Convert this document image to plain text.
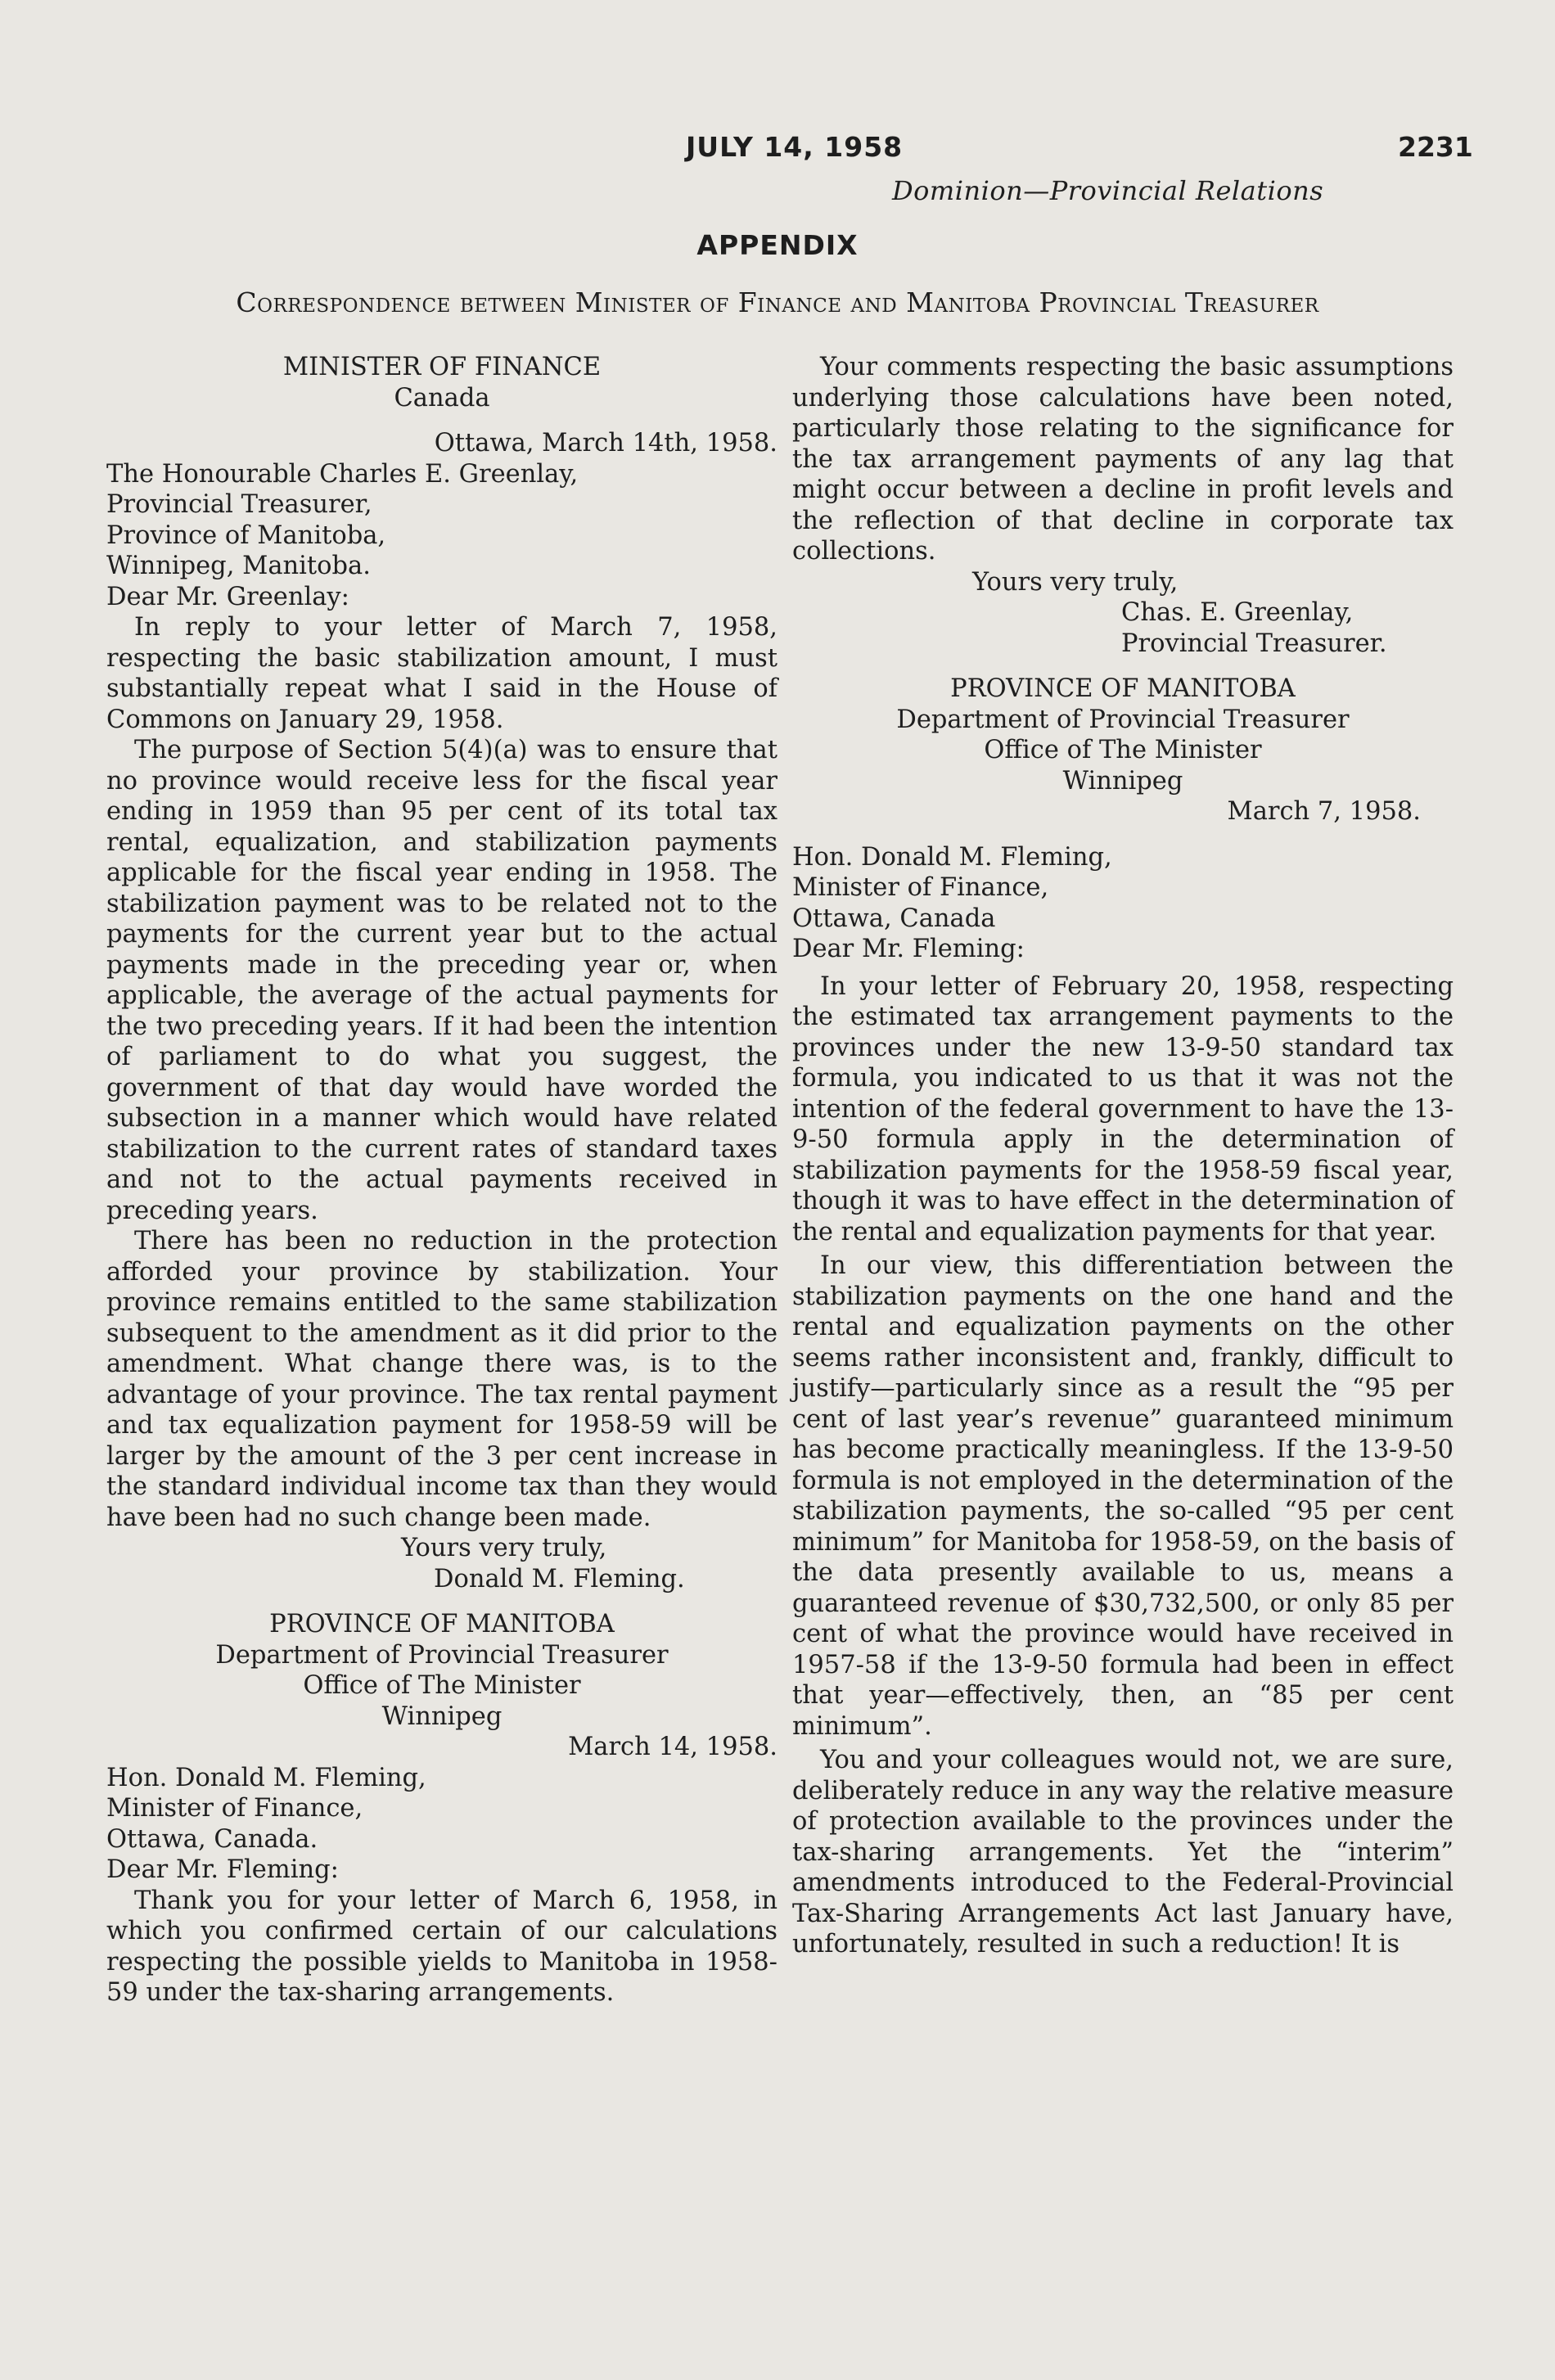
JULY 14, 1958	2231
Dominion—Provincial Relations
APPENDIX
Correspondence between Minister of Finance and Manitoba Provincial Treasurer

MINISTER OF FINANCE

Canada

Ottawa, March 14th, 1958.

The Honourable Charles E. Greenlay,

Provincial Treasurer,

Province of Manitoba,

Winnipeg, Manitoba.

Dear Mr. Greenlay:

In reply to your letter of March 7, 1958, respecting the basic stabilization amount, I must substantially repeat what I said in the House of Commons on January 29, 1958.

The purpose of Section 5(4)(a) was to ensure that no province would receive less for the fiscal year ending in 1959 than 95 per cent of its total tax rental, equalization, and stabilization payments applicable for the fiscal year ending in 1958. The stabilization payment was to be related not to the payments for the current year but to the actual payments made in the preceding year or, when applicable, the average of the actual payments for the two preceding years. If it had been the intention of parliament to do what you suggest, the government of that day would have worded the subsection in a manner which would have related stabilization to the current rates of standard taxes and not to the actual payments received in preceding years.

There has been no reduction in the protection afforded your province by stabilization. Your province remains entitled to the same stabilization subsequent to the amendment as it did prior to the amendment. What change there was, is to the advantage of your province. The tax rental payment and tax equalization payment for 1958-59 will be larger by the amount of the 3 per cent increase in the standard individual income tax than they would have been had no such change been made.

Yours very truly,

Donald M. Fleming.

PROVINCE OF MANITOBA

Department of Provincial Treasurer

Office of The Minister

Winnipeg

March 14, 1958.

Hon. Donald M. Fleming,

Minister of Finance,

Ottawa, Canada.

Dear Mr. Fleming:

Thank you for your letter of March 6, 1958, in which you confirmed certain of our calculations respecting the possible yields to Manitoba in 1958-59 under the tax-sharing arrangements.

Your comments respecting the basic assumptions underlying those calculations have been noted, particularly those relating to the significance for the tax arrangement payments of any lag that might occur between a decline in profit levels and the reflection of that decline in corporate tax collections.

Yours very truly,

Chas. E. Greenlay,

Provincial Treasurer.

PROVINCE OF MANITOBA

Department of Provincial Treasurer

Office of The Minister

Winnipeg

March 7, 1958.

Hon. Donald M. Fleming,

Minister of Finance,

Ottawa, Canada

Dear Mr. Fleming:

In your letter of February 20, 1958, respecting the estimated tax arrangement payments to the provinces under the new 13-9-50 standard tax formula, you indicated to us that it was not the intention of the federal government to have the 13-9-50 formula apply in the determination of stabilization payments for the 1958-59 fiscal year, though it was to have effect in the determination of the rental and equalization payments for that year.

In our view, this differentiation between the stabilization payments on the one hand and the rental and equalization payments on the other seems rather inconsistent and, frankly, difficult to justify—particularly since as a result the “95 per cent of last year’s revenue” guaranteed minimum has become practically meaningless. If the 13-9-50 formula is not employed in the determination of the stabilization payments, the so-called “95 per cent minimum” for Manitoba for 1958-59, on the basis of the data presently available to us, means a guaranteed revenue of $30,732,500, or only 85 per cent of what the province would have received in 1957-58 if the 13-9-50 formula had been in effect that year—effectively, then, an “85 per cent minimum”.

You and your colleagues would not, we are sure, deliberately reduce in any way the relative measure of protection available to the provinces under the tax-sharing arrangements. Yet the “interim” amendments introduced to the Federal-Provincial Tax-Sharing Arrangements Act last January have, unfortunately, resulted in such a reduction! It is
